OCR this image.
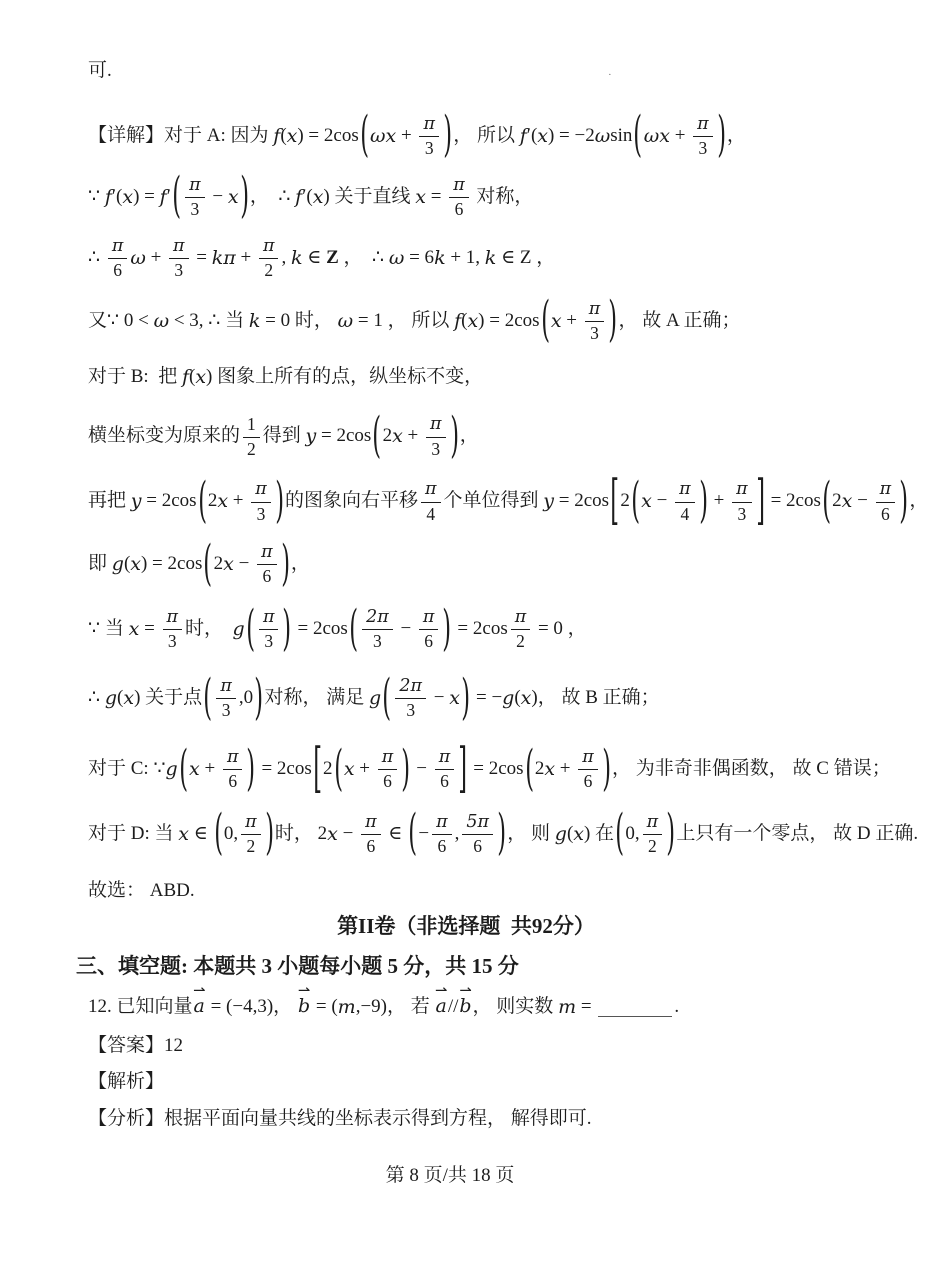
·
可.
【详解】对于 A: 因为 f ( x ) = 2cos ( $\omega x + \frac{\pi}{3}$ ) ， 所以 f ′( x ) = −2 ω sin ( $\omega x + \frac{\pi}{3}$ ) ，
∵ f ′( x ) = f ′ ( $\frac{\pi}{3} - x$ ) ，  ∴ f ′( x ) 关于直线 $x = \frac{\pi}{6}$ 对称，
∴ $\frac{\pi}{6}$ $\omega + \frac{\pi}{3} = k\pi + \frac{\pi}{2}$ , k ∈ Z ，  ∴ ω = 6 k + 1, k ∈ Z ，
又∵ 0 < ω < 3, ∴ 当 k = 0 时， ω = 1 ， 所以 f ( x ) = 2cos ( $x + \frac{\pi}{3}$ ) ， 故 A 正确；
对于 B:  把 f ( x ) 图象上所有的点，纵坐标不变，
横坐标变为原来的 $\frac{1}{2}$ 得到 y = 2cos ( 2 $x + \frac{\pi}{3}$ ) ，
再把 y = 2cos ( 2 $x + \frac{\pi}{3}$ ) 的图象向右平移 $\frac{\pi}{4}$ 个单位得到 y = 2cos [ 2 ( $x - \frac{\pi}{4}$ ) + $\frac{\pi}{3}$ ] = 2cos ( 2 $x - \frac{\pi}{6}$ ) ，
即 g ( x ) = 2cos ( 2 $x - \frac{\pi}{6}$ ) ，
∵ 当 $x = \frac{\pi}{3}$ 时， g ( $\frac{\pi}{3}$ ) = 2cos ( $\frac{2\pi}{3} - \frac{\pi}{6}$ ) = $2\cos \frac{\pi}{2} = 0$ ，
∴ g ( x ) 关于点 ( $\frac{\pi}{3} ,0$ ) 对称， 满足 g ( $\frac{2\pi}{3} - x$ ) = − g ( x )， 故 B 正确；
对于 C: ∵ g ( $x + \frac{\pi}{6}$ ) = 2cos [ 2 ( $x + \frac{\pi}{6}$ ) − $\frac{\pi}{6}$ ] = 2cos ( 2 $x + \frac{\pi}{6}$ ) ， 为非奇非偶函数， 故 C 错误；
对于 D: 当 x ∈ ( 0, $\frac{\pi}{2}$ ) 时， 2 $x - \frac{\pi}{6}$ ∈ ( − $\frac{\pi}{6}$ , $\frac{5\pi}{6}$ ) ， 则 g ( x ) 在 ( 0, $\frac{\pi}{2}$ ) 上只有一个零点， 故 D 正确.
故选： ABD.
第II卷（非选择题  共92分）
三、填空题: 本题共 3 小题每小题 5 分，共 15 分
12. 已知向量
⇀
a = (−4,3)，
⇀
b = ( m ,−9)， 若
⇀
a //
⇀
b ， 则实数 m =	.
【答案】12
【解析】
【分析】根据平面向量共线的坐标表示得到方程， 解得即可.
第 8 页/共 18 页
